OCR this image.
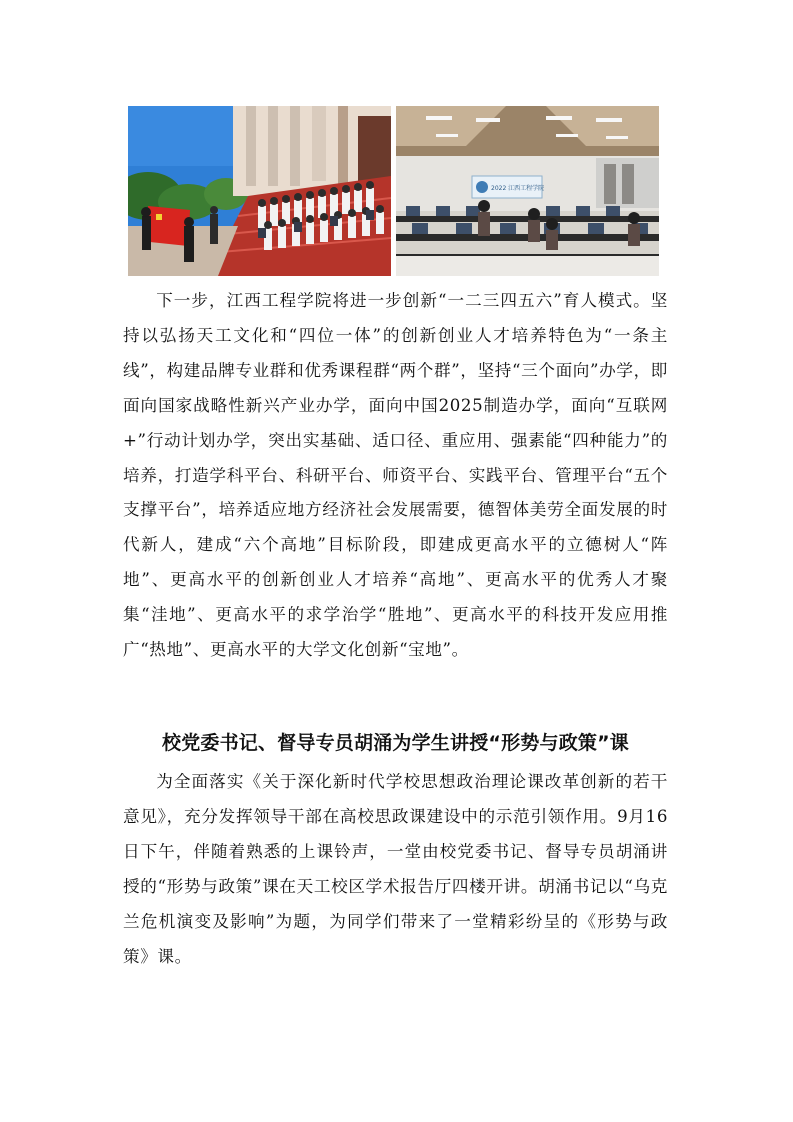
2022 江西工程学院

下一步，江西工程学院将进一步创新“一二三四五六”育人模式。坚持以弘扬天工文化和“四位一体”的创新创业人才培养特色为“一条主线”，构建品牌专业群和优秀课程群“两个群”，坚持“三个面向”办学，即面向国家战略性新兴产业办学，面向中国2025制造办学，面向“互联网+”行动计划办学，突出实基础、适口径、重应用、强素能“四种能力”的培养，打造学科平台、科研平台、师资平台、实践平台、管理平台“五个支撑平台”，培养适应地方经济社会发展需要，德智体美劳全面发展的时代新人，建成“六个高地”目标阶段，即建成更高水平的立德树人“阵地”、更高水平的创新创业人才培养“高地”、更高水平的优秀人才聚集“洼地”、更高水平的求学治学“胜地”、更高水平的科技开发应用推广“热地”、更高水平的大学文化创新“宝地”。

校党委书记、督导专员胡涌为学生讲授“形势与政策”课

为全面落实《关于深化新时代学校思想政治理论课改革创新的若干意见》，充分发挥领导干部在高校思政课建设中的示范引领作用。9月16日下午，伴随着熟悉的上课铃声，一堂由校党委书记、督导专员胡涌讲授的“形势与政策”课在天工校区学术报告厅四楼开讲。胡涌书记以“乌克兰危机演变及影响”为题，为同学们带来了一堂精彩纷呈的《形势与政策》课。
